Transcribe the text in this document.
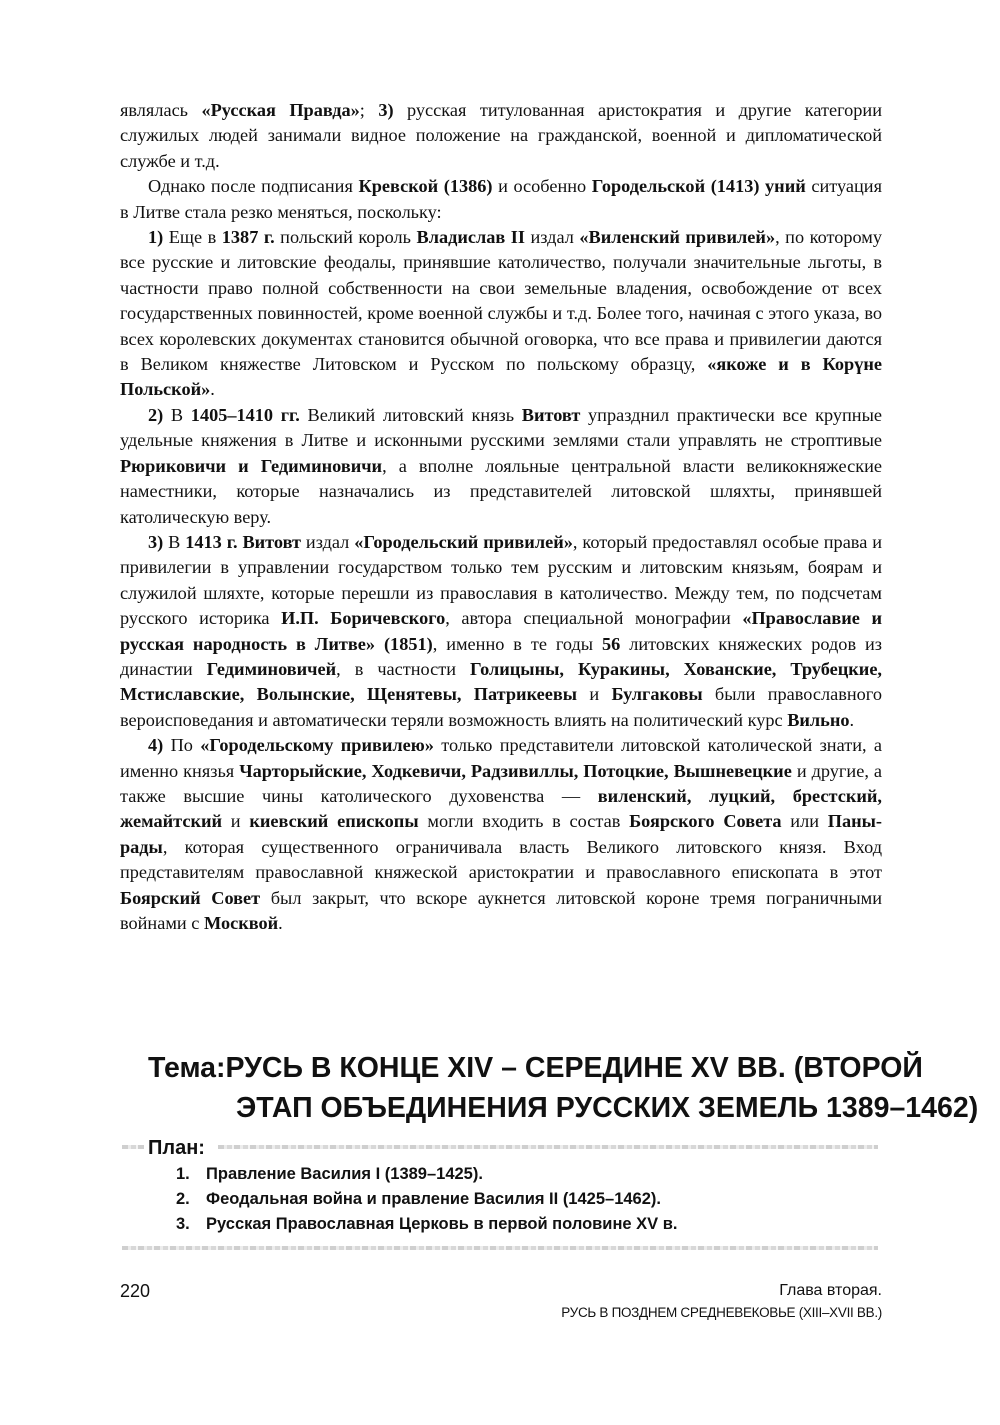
являлась «Русская Правда»; 3) русская титулованная аристократия и другие категории служилых людей занимали видное положение на гражданской, военной и дипломатической службе и т.д.

Однако после подписания Кревской (1386) и особенно Городельской (1413) уний ситуация в Литве стала резко меняться, поскольку:

1) Еще в 1387 г. польский король Владислав II издал «Виленский привилей», по которому все русские и литовские феодалы, принявшие католичество, получали значительные льготы, в частности право полной собственности на свои земельные владения, освобождение от всех государственных повинностей, кроме военной службы и т.д. Более того, начиная с этого указа, во всех королевских документах становится обычной оговорка, что все права и привилегии даются в Великом княжестве Литовском и Русском по польскому образцу, «якоже и в Корүне Польской».

2) В 1405–1410 гг. Великий литовский князь Витовт упразднил практически все крупные удельные княжения в Литве и исконными русскими землями стали управлять не строптивые Рюриковичи и Гедиминовичи, а вполне лояльные центральной власти великокняжеские наместники, которые назначались из представителей литовской шляхты, принявшей католическую веру.

3) В 1413 г. Витовт издал «Городельский привилей», который предоставлял особые права и привилегии в управлении государством только тем русским и литовским князьям, боярам и служилой шляхте, которые перешли из православия в католичество. Между тем, по подсчетам русского историка И.П. Боричевского, автора специальной монографии «Православие и русская народность в Литве» (1851), именно в те годы 56 литовских княжеских родов из династии Гедиминовичей, в частности Голицыны, Куракины, Хованские, Трубецкие, Мстиславские, Волынские, Щенятевы, Патрикеевы и Булгаковы были православного вероисповедания и автоматически теряли возможность влиять на политический курс Вильно.

4) По «Городельскому привилею» только представители литовской католической знати, а именно князья Чарторыйские, Ходкевичи, Радзивиллы, Потоцкие, Вышневецкие и другие, а также высшие чины католического духовенства — виленский, луцкий, брестский, жемайтский и киевский епископы могли входить в состав Боярского Совета или Паны-рады, которая существенного ограничивала власть Великого литовского князя. Вход представителям православной княжеской аристократии и православного епископата в этот Боярский Совет был закрыт, что вскоре аукнется литовской короне тремя пограничными войнами с Москвой.

Тема: РУСЬ В КОНЦЕ XIV – СЕРЕДИНЕ XV ВВ. (ВТОРОЙ
ЭТАП ОБЪЕДИНЕНИЯ РУССКИХ ЗЕМЕЛЬ 1389–1462)
План:
1. Правление Василия I (1389–1425).
2. Феодальная война и правление Василия II (1425–1462).
3. Русская Православная Церковь в первой половине XV в.
220	Глава вторая.
РУСЬ В ПОЗДНЕМ СРЕДНЕВЕКОВЬЕ (XIII–XVII ВВ.)
